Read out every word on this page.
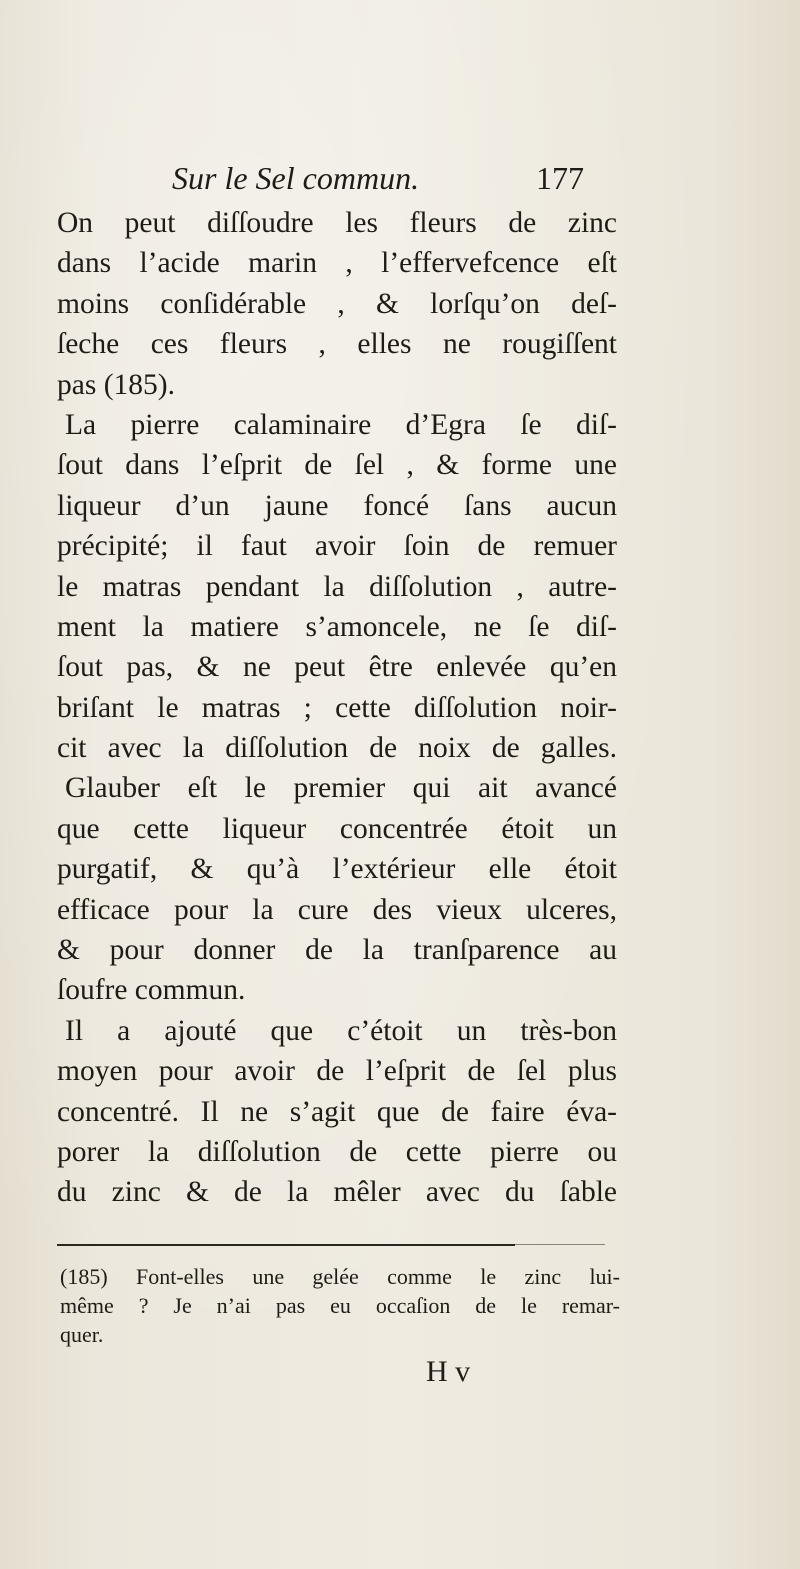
Sur le Sel commun.	177
On peut diſſoudre les fleurs de zinc
dans l’acide marin , l’effervefcence eſt
moins conſidérable , & lorſqu’on deſ-
ſeche ces fleurs , elles ne rougiſſent
pas (185).
La pierre calaminaire d’Egra ſe diſ-
ſout dans l’eſprit de ſel , & forme une
liqueur d’un jaune foncé ſans aucun
précipité; il faut avoir ſoin de remuer
le matras pendant la diſſolution , autre-
ment la matiere s’amoncele, ne ſe diſ-
ſout pas, & ne peut être enlevée qu’en
briſant le matras ; cette diſſolution noir-
cit avec la diſſolution de noix de galles.
Glauber eſt le premier qui ait avancé
que cette liqueur concentrée étoit un
purgatif, & qu’à l’extérieur elle étoit
efficace pour la cure des vieux ulceres,
& pour donner de la tranſparence au
ſoufre commun.
Il a ajouté que c’étoit un très-bon
moyen pour avoir de l’eſprit de ſel plus
concentré. Il ne s’agit que de faire éva-
porer la diſſolution de cette pierre ou
du zinc & de la mêler avec du ſable
(185) Font-elles une gelée comme le zinc lui-
même ? Je n’ai pas eu occaſion de le remar-
quer.
H v
